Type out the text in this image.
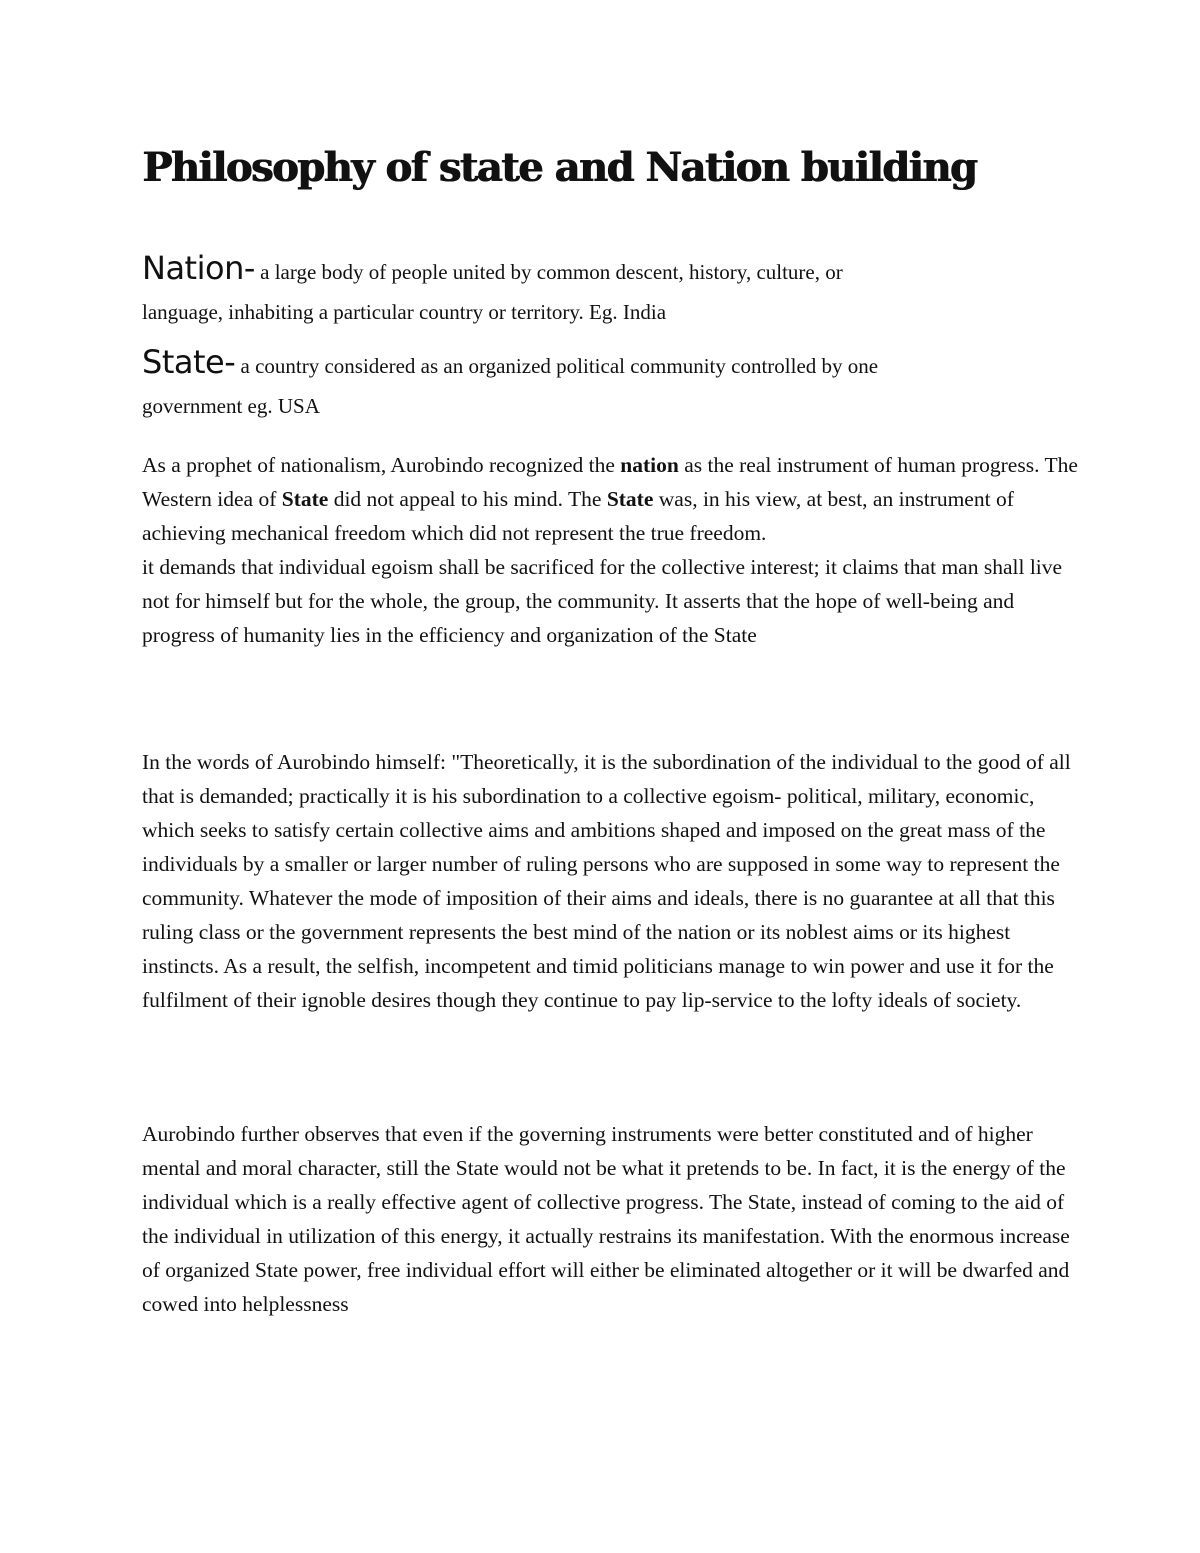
Philosophy of state and Nation building

Nation- a large body of people united by common descent, history, culture, or
language, inhabiting a particular country or territory. Eg. India

State- a country considered as an organized political community controlled by one
government eg. USA

As a prophet of nationalism, Aurobindo recognized the nation as the real instrument of human progress. The Western idea of State did not appeal to his mind. The State was, in his view, at best, an instrument of achieving mechanical freedom which did not represent the true freedom.

it demands that individual egoism shall be sacrificed for the collective interest; it claims that man shall live not for himself but for the whole, the group, the community. It asserts that the hope of well-being and progress of humanity lies in the efficiency and organization of the State

In the words of Aurobindo himself: "Theoretically, it is the subordination of the individual to the good of all that is demanded; practically it is his subordination to a collective egoism- political, military, economic, which seeks to satisfy certain collective aims and ambitions shaped and imposed on the great mass of the individuals by a smaller or larger number of ruling persons who are supposed in some way to represent the community. Whatever the mode of imposition of their aims and ideals, there is no guarantee at all that this ruling class or the government represents the best mind of the nation or its noblest aims or its highest instincts. As a result, the selfish, incompetent and timid politicians manage to win power and use it for the fulfilment of their ignoble desires though they continue to pay lip-service to the lofty ideals of society.

Aurobindo further observes that even if the governing instruments were better constituted and of higher mental and moral character, still the State would not be what it pretends to be. In fact, it is the energy of the individual which is a really effective agent of collective progress. The State, instead of coming to the aid of the individual in utilization of this energy, it actually restrains its manifestation. With the enormous increase of organized State power, free individual effort will either be eliminated altogether or it will be dwarfed and cowed into helplessness
